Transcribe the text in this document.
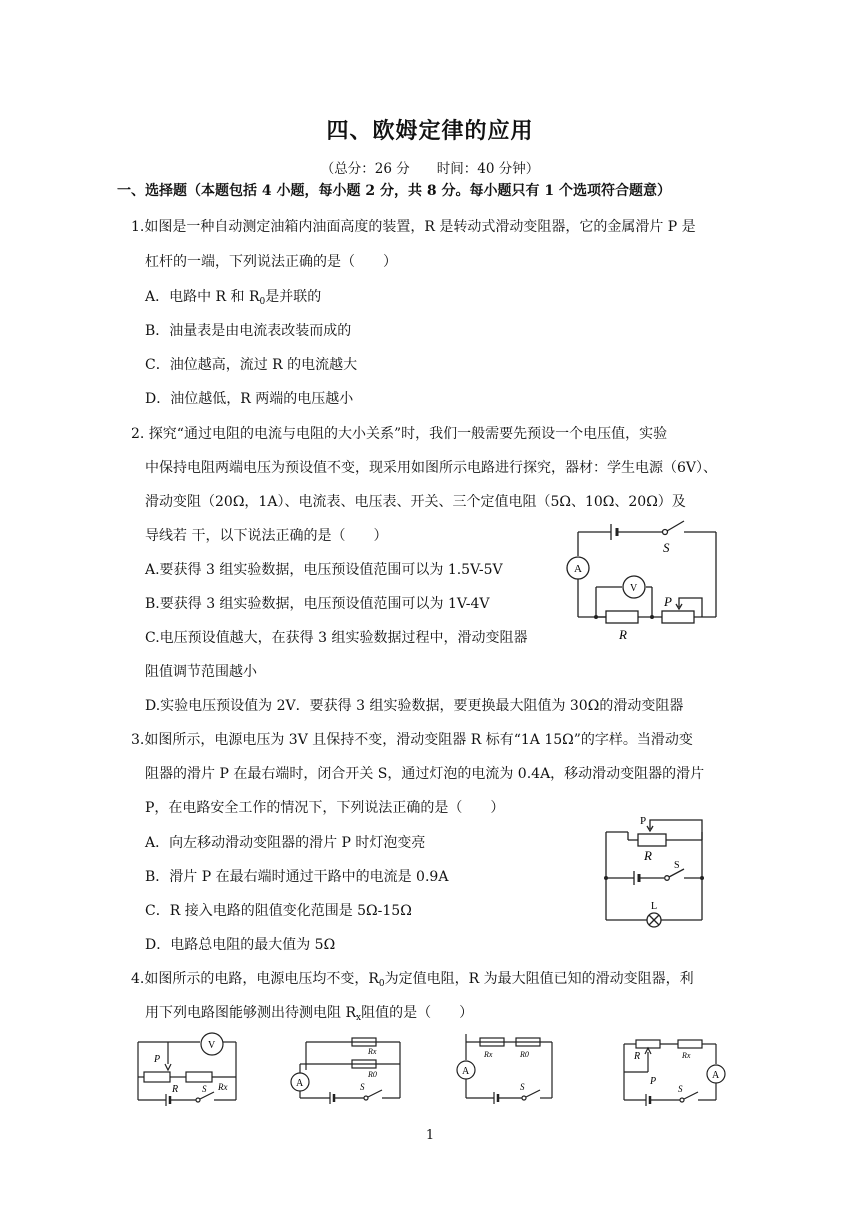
四、欧姆定律的应用
（总分：26 分　　时间：40 分钟）
一、选择题（本题包括 4 小题，每小题 2 分，共 8 分。每小题只有 1 个选项符合题意）
1.如图是一种自动测定油箱内油面高度的装置，R 是转动式滑动变阻器，它的金属滑片 P 是
杠杆的一端，下列说法正确的是（　　）
A．电路中 R 和 $R_0$是并联的
B．油量表是由电流表改装而成的
C．油位越高，流过 R 的电流越大
D．油位越低，R 两端的电压越小
2. 探究“通过电阻的电流与电阻的大小关系”时，我们一般需要先预设一个电压值，实验
中保持电阻两端电压为预设值不变，现采用如图所示电路进行探究，器材：学生电源（6V）、
滑动变阻（20Ω，1A）、电流表、电压表、开关、三个定值电阻（5Ω、10Ω、20Ω）及
导线若 干，以下说法正确的是（　　）
A.要获得 3 组实验数据，电压预设值范围可以为 1.5V-5V
B.要获得 3 组实验数据，电压预设值范围可以为 1V-4V
C.电压预设值越大，在获得 3 组实验数据过程中，滑动变阻器
阻值调节范围越小
D.实验电压预设值为 2V．要获得 3 组实验数据，要更换最大阻值为 30Ω的滑动变阻器
S
A
V
P
R
3.如图所示，电源电压为 3V 且保持不变，滑动变阻器 R 标有“1A 15Ω”的字样。当滑动变
阻器的滑片 P 在最右端时，闭合开关 S，通过灯泡的电流为 0.4A，移动滑动变阻器的滑片
P，在电路安全工作的情况下，下列说法正确的是（　　）
A．向左移动滑动变阻器的滑片 P 时灯泡变亮
B．滑片 P 在最右端时通过干路中的电流是 0.9A
C．R 接入电路的阻值变化范围是 5Ω-15Ω
D．电路总电阻的最大值为 5Ω
P
R
S
L
4.如图所示的电路，电源电压均不变，$R_0$为定值电阻，R 为最大阻值已知的滑动变阻器，利
用下列电路图能够测出待测电阻 $R_x$阻值的是（　　）
V
P
R	Rx
S
Rx
R0
A	S
Rx	R0
A
S
R	Rx
P
A
S
1
